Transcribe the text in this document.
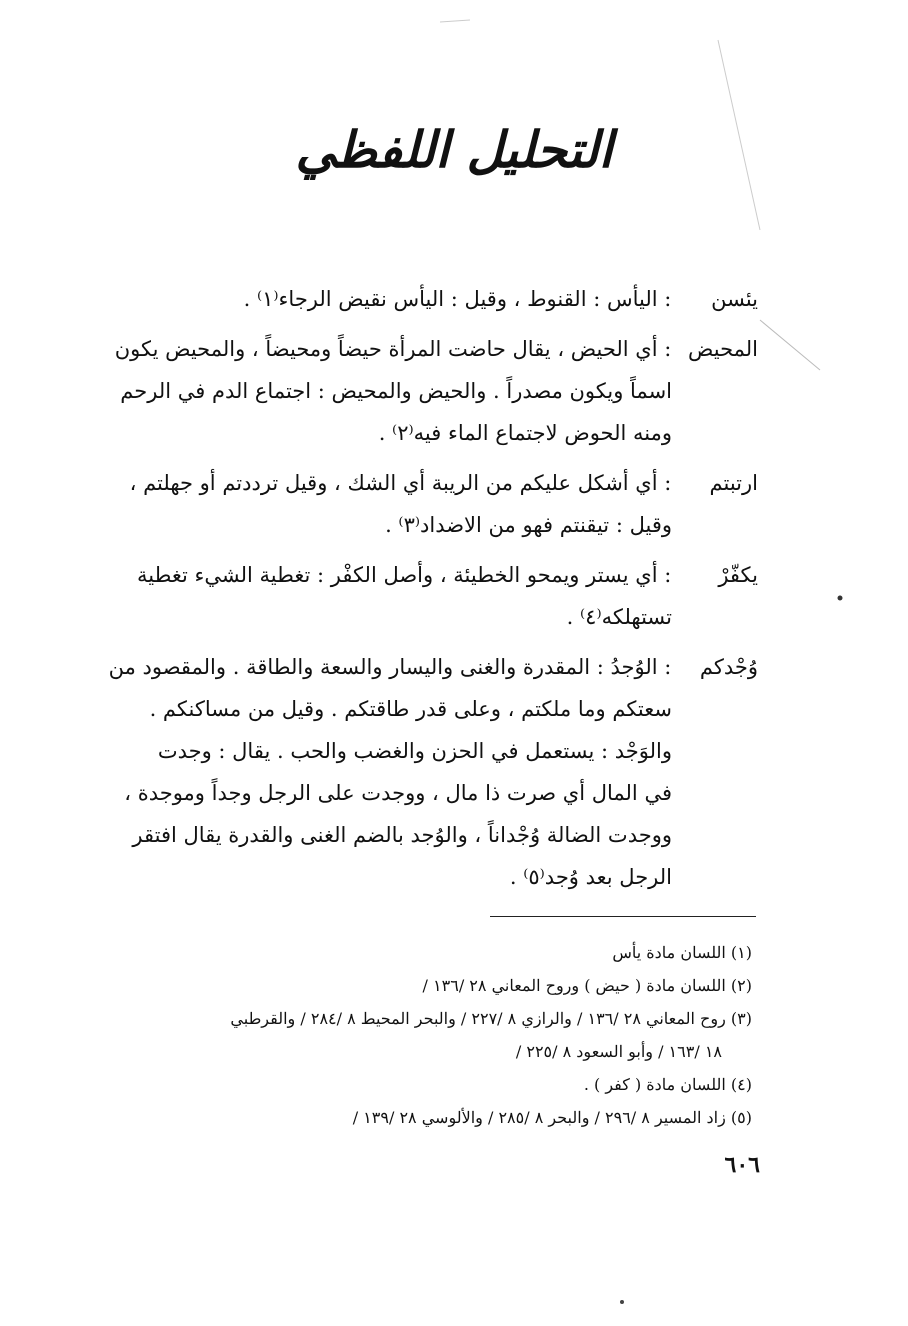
التحليل اللفظي
يئسن : اليأس : القنوط ، وقيل : اليأس نقيض الرجاء⁽١⁾ .
المحيض : أي الحيض ، يقال حاضت المرأة حيضاً ومحيضاً ، والمحيض يكون
اسماً ويكون مصدراً . والحيض والمحيض : اجتماع الدم في الرحم
ومنه الحوض لاجتماع الماء فيه⁽٢⁾ .
ارتبتم : أي أشكل عليكم من الريبة أي الشك ، وقيل ترددتم أو جهلتم ،
وقيل : تيقنتم فهو من الاضداد⁽٣⁾ .
يكفّرْ : أي يستر ويمحو الخطيئة ، وأصل الكفْر : تغطية الشيء تغطية
تستهلكه⁽٤⁾ .
وُجْدكم : الوُجدُ : المقدرة والغنى واليسار والسعة والطاقة . والمقصود من
سعتكم وما ملكتم ، وعلى قدر طاقتكم . وقيل من مساكنكم .
والوَجْد : يستعمل في الحزن والغضب والحب . يقال : وجدت
في المال أي صرت ذا مال ، ووجدت على الرجل وجداً وموجدة ،
ووجدت الضالة وُجْداناً ، والوُجد بالضم الغنى والقدرة يقال افتقر
الرجل بعد وُجد⁽٥⁾ .

(١) اللسان مادة يأس

(٢) اللسان مادة ( حيض ) وروح المعاني ٢٨ /١٣٦ /

(٣) روح المعاني ٢٨ /١٣٦ / والرازي ٨ /٢٢٧ / والبحر المحيط ٨ /٢٨٤ / والقرطبي
١٨ /١٦٣ / وأبو السعود ٨ /٢٢٥ /

(٤) اللسان مادة ( كفر ) .

(٥) زاد المسير ٨ /٢٩٦ / والبحر ٨ /٢٨٥ / والألوسي ٢٨ /١٣٩ /

٦٠٦
